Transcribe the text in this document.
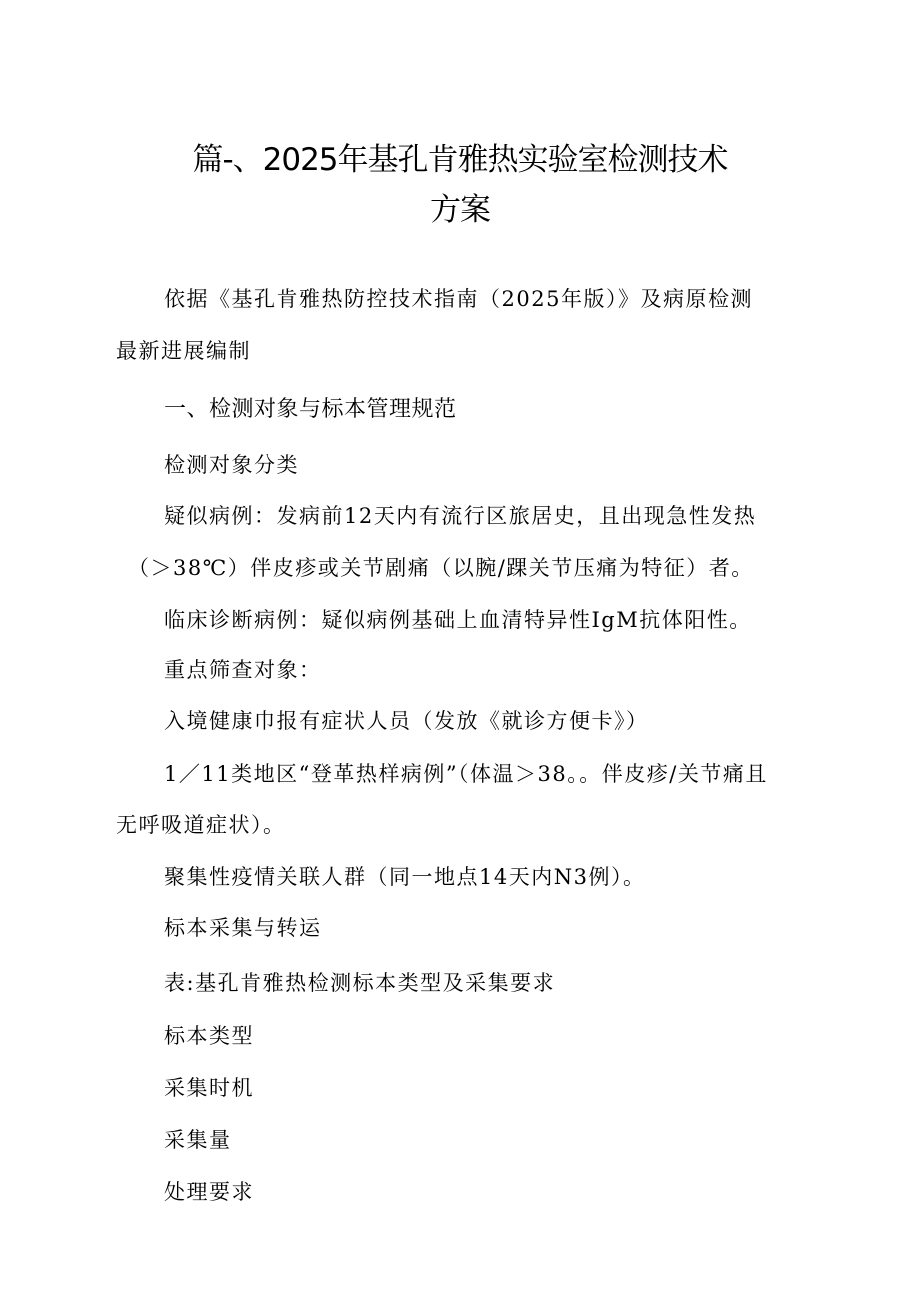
篇-、2025年基孔肯雅热实验室检测技术
方案
依据《基孔肯雅热防控技术指南（2025年版）》及病原检测
最新进展编制
一、检测对象与标本管理规范
检测对象分类
疑似病例：发病前12天内有流行区旅居史，且出现急性发热
（＞38℃）伴皮疹或关节剧痛（以腕/踝关节压痛为特征）者。
临床诊断病例：疑似病例基础上血清特异性IgM抗体阳性。
重点筛查对象：
入境健康巾报有症状人员（发放《就诊方便卡》）
1／11类地区“登革热样病例”（体温＞38。。伴皮疹/关节痛且
无呼吸道症状）。
聚集性疫情关联人群（同一地点14天内N3例）。
标本采集与转运
表:基孔肯雅热检测标本类型及采集要求
标本类型
采集时机
采集量
处理要求
